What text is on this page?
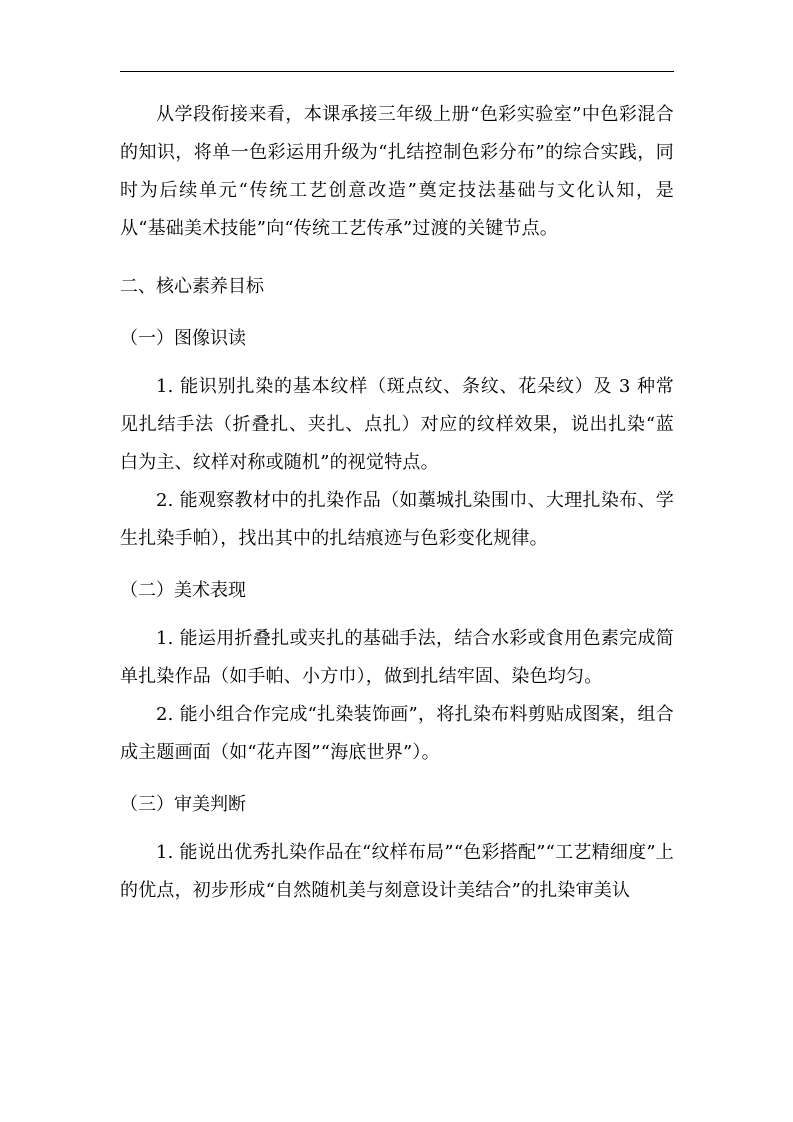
从学段衔接来看，本课承接三年级上册“色彩实验室”中色彩混合的知识，将单一色彩运用升级为“扎结控制色彩分布”的综合实践，同时为后续单元“传统工艺创意改造”奠定技法基础与文化认知，是从“基础美术技能”向“传统工艺传承”过渡的关键节点。

二、核心素养目标
（一）图像识读

1. 能识别扎染的基本纹样（斑点纹、条纹、花朵纹）及 3 种常见扎结手法（折叠扎、夹扎、点扎）对应的纹样效果，说出扎染“蓝白为主、纹样对称或随机”的视觉特点。

2. 能观察教材中的扎染作品（如藁城扎染围巾、大理扎染布、学生扎染手帕），找出其中的扎结痕迹与色彩变化规律。

（二）美术表现

1. 能运用折叠扎或夹扎的基础手法，结合水彩或食用色素完成简单扎染作品（如手帕、小方巾），做到扎结牢固、染色均匀。

2. 能小组合作完成“扎染装饰画”，将扎染布料剪贴成图案，组合成主题画面（如“花卉图”“海底世界”）。

（三）审美判断

1. 能说出优秀扎染作品在“纹样布局”“色彩搭配”“工艺精细度”上的优点，初步形成“自然随机美与刻意设计美结合”的扎染审美认
